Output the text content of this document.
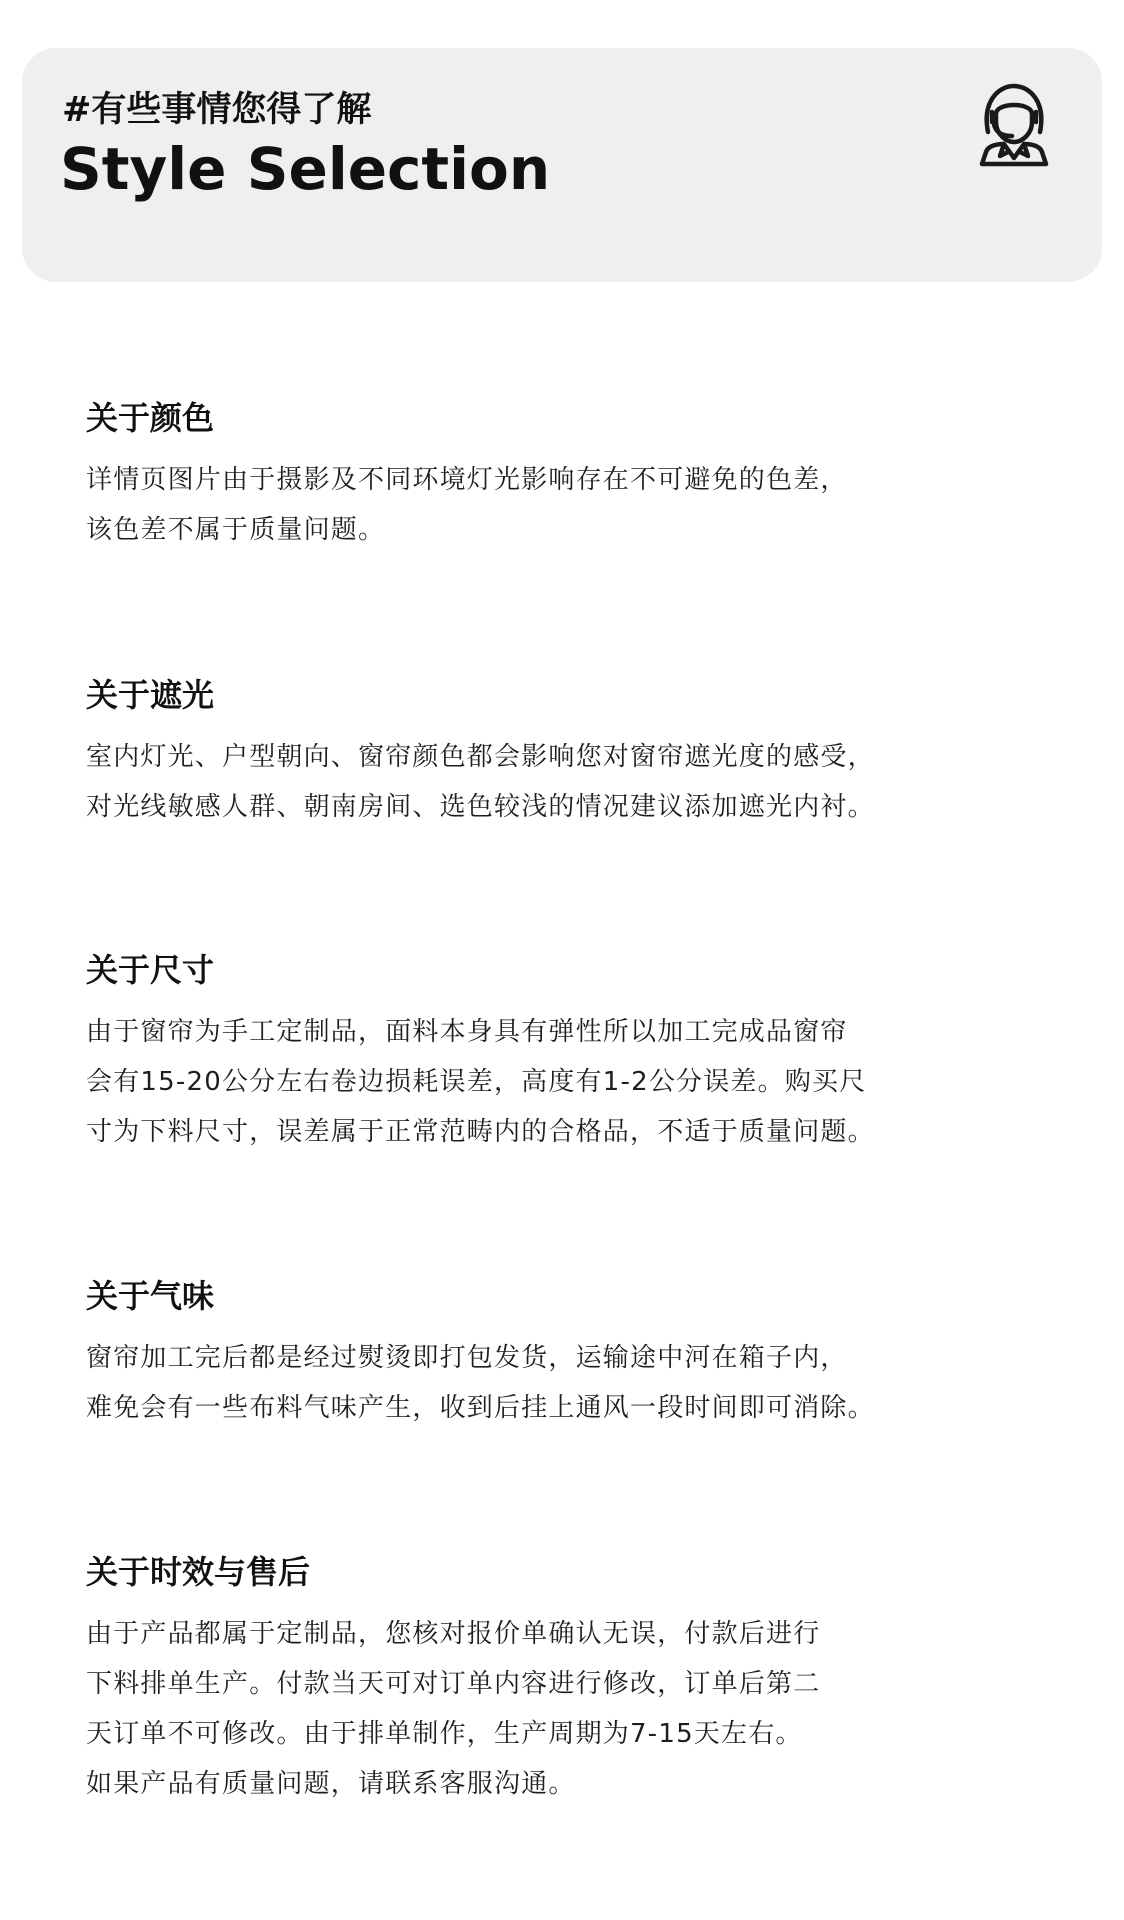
#有些事情您得了解
Style Selection
关于颜色
详情页图片由于摄影及不同环境灯光影响存在不可避免的色差，
该色差不属于质量问题。
关于遮光
室内灯光、户型朝向、窗帘颜色都会影响您对窗帘遮光度的感受，
对光线敏感人群、朝南房间、选色较浅的情况建议添加遮光内衬。
关于尺寸
由于窗帘为手工定制品，面料本身具有弹性所以加工完成品窗帘
会有15-20公分左右卷边损耗误差，高度有1-2公分误差。购买尺
寸为下料尺寸，误差属于正常范畴内的合格品，不适于质量问题。
关于气味
窗帘加工完后都是经过熨烫即打包发货，运输途中河在箱子内，
难免会有一些布料气味产生，收到后挂上通风一段时间即可消除。
关于时效与售后
由于产品都属于定制品，您核对报价单确认无误，付款后进行
下料排单生产。付款当天可对订单内容进行修改，订单后第二
天订单不可修改。由于排单制作，生产周期为7-15天左右。
如果产品有质量问题，请联系客服沟通。
